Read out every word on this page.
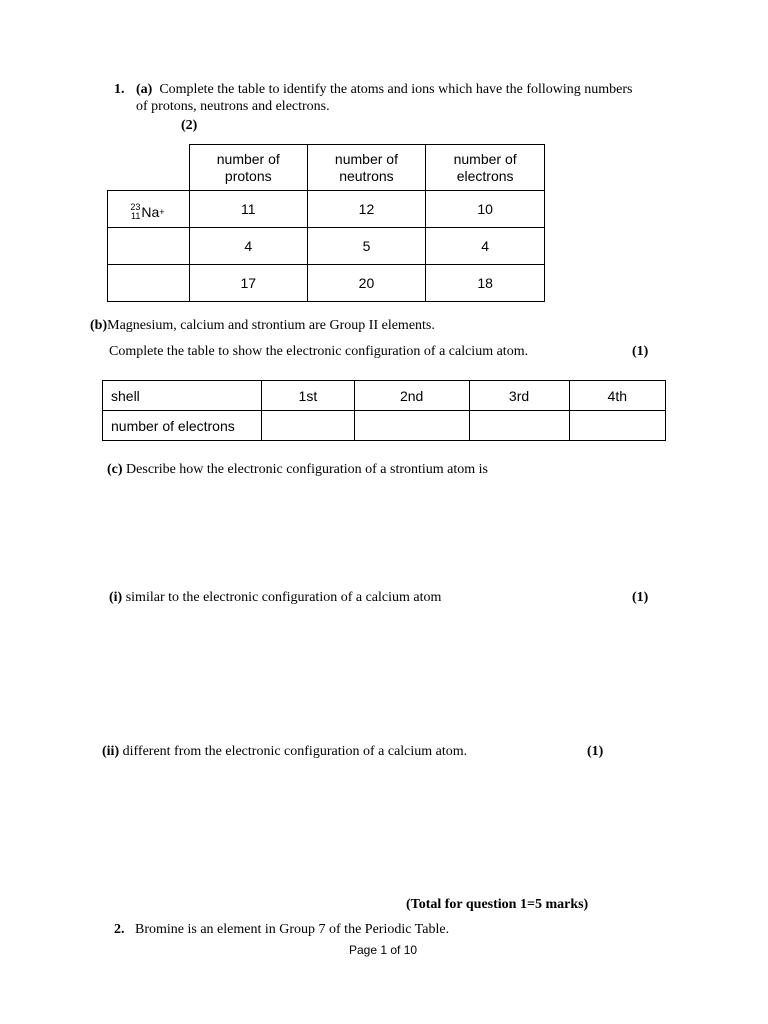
1. (a) Complete the table to identify the atoms and ions which have the following numbers
of protons, neutrons and electrons.
(2)
	number of protons	number of neutrons	number of electrons

23
11 Na +	11	12	10
	4	5	4
	17	20	18
(b)Magnesium, calcium and strontium are Group II elements.
Complete the table to show the electronic configuration of a calcium atom.	(1)
shell	1st	2nd	3rd	4th
number of electrons				
(c) Describe how the electronic configuration of a strontium atom is
(i) similar to the electronic configuration of a calcium atom	(1)
(ii) different from the electronic configuration of a calcium atom.	(1)
(Total for question 1=5 marks)
2. Bromine is an element in Group 7 of the Periodic Table.
Page 1 of 10
